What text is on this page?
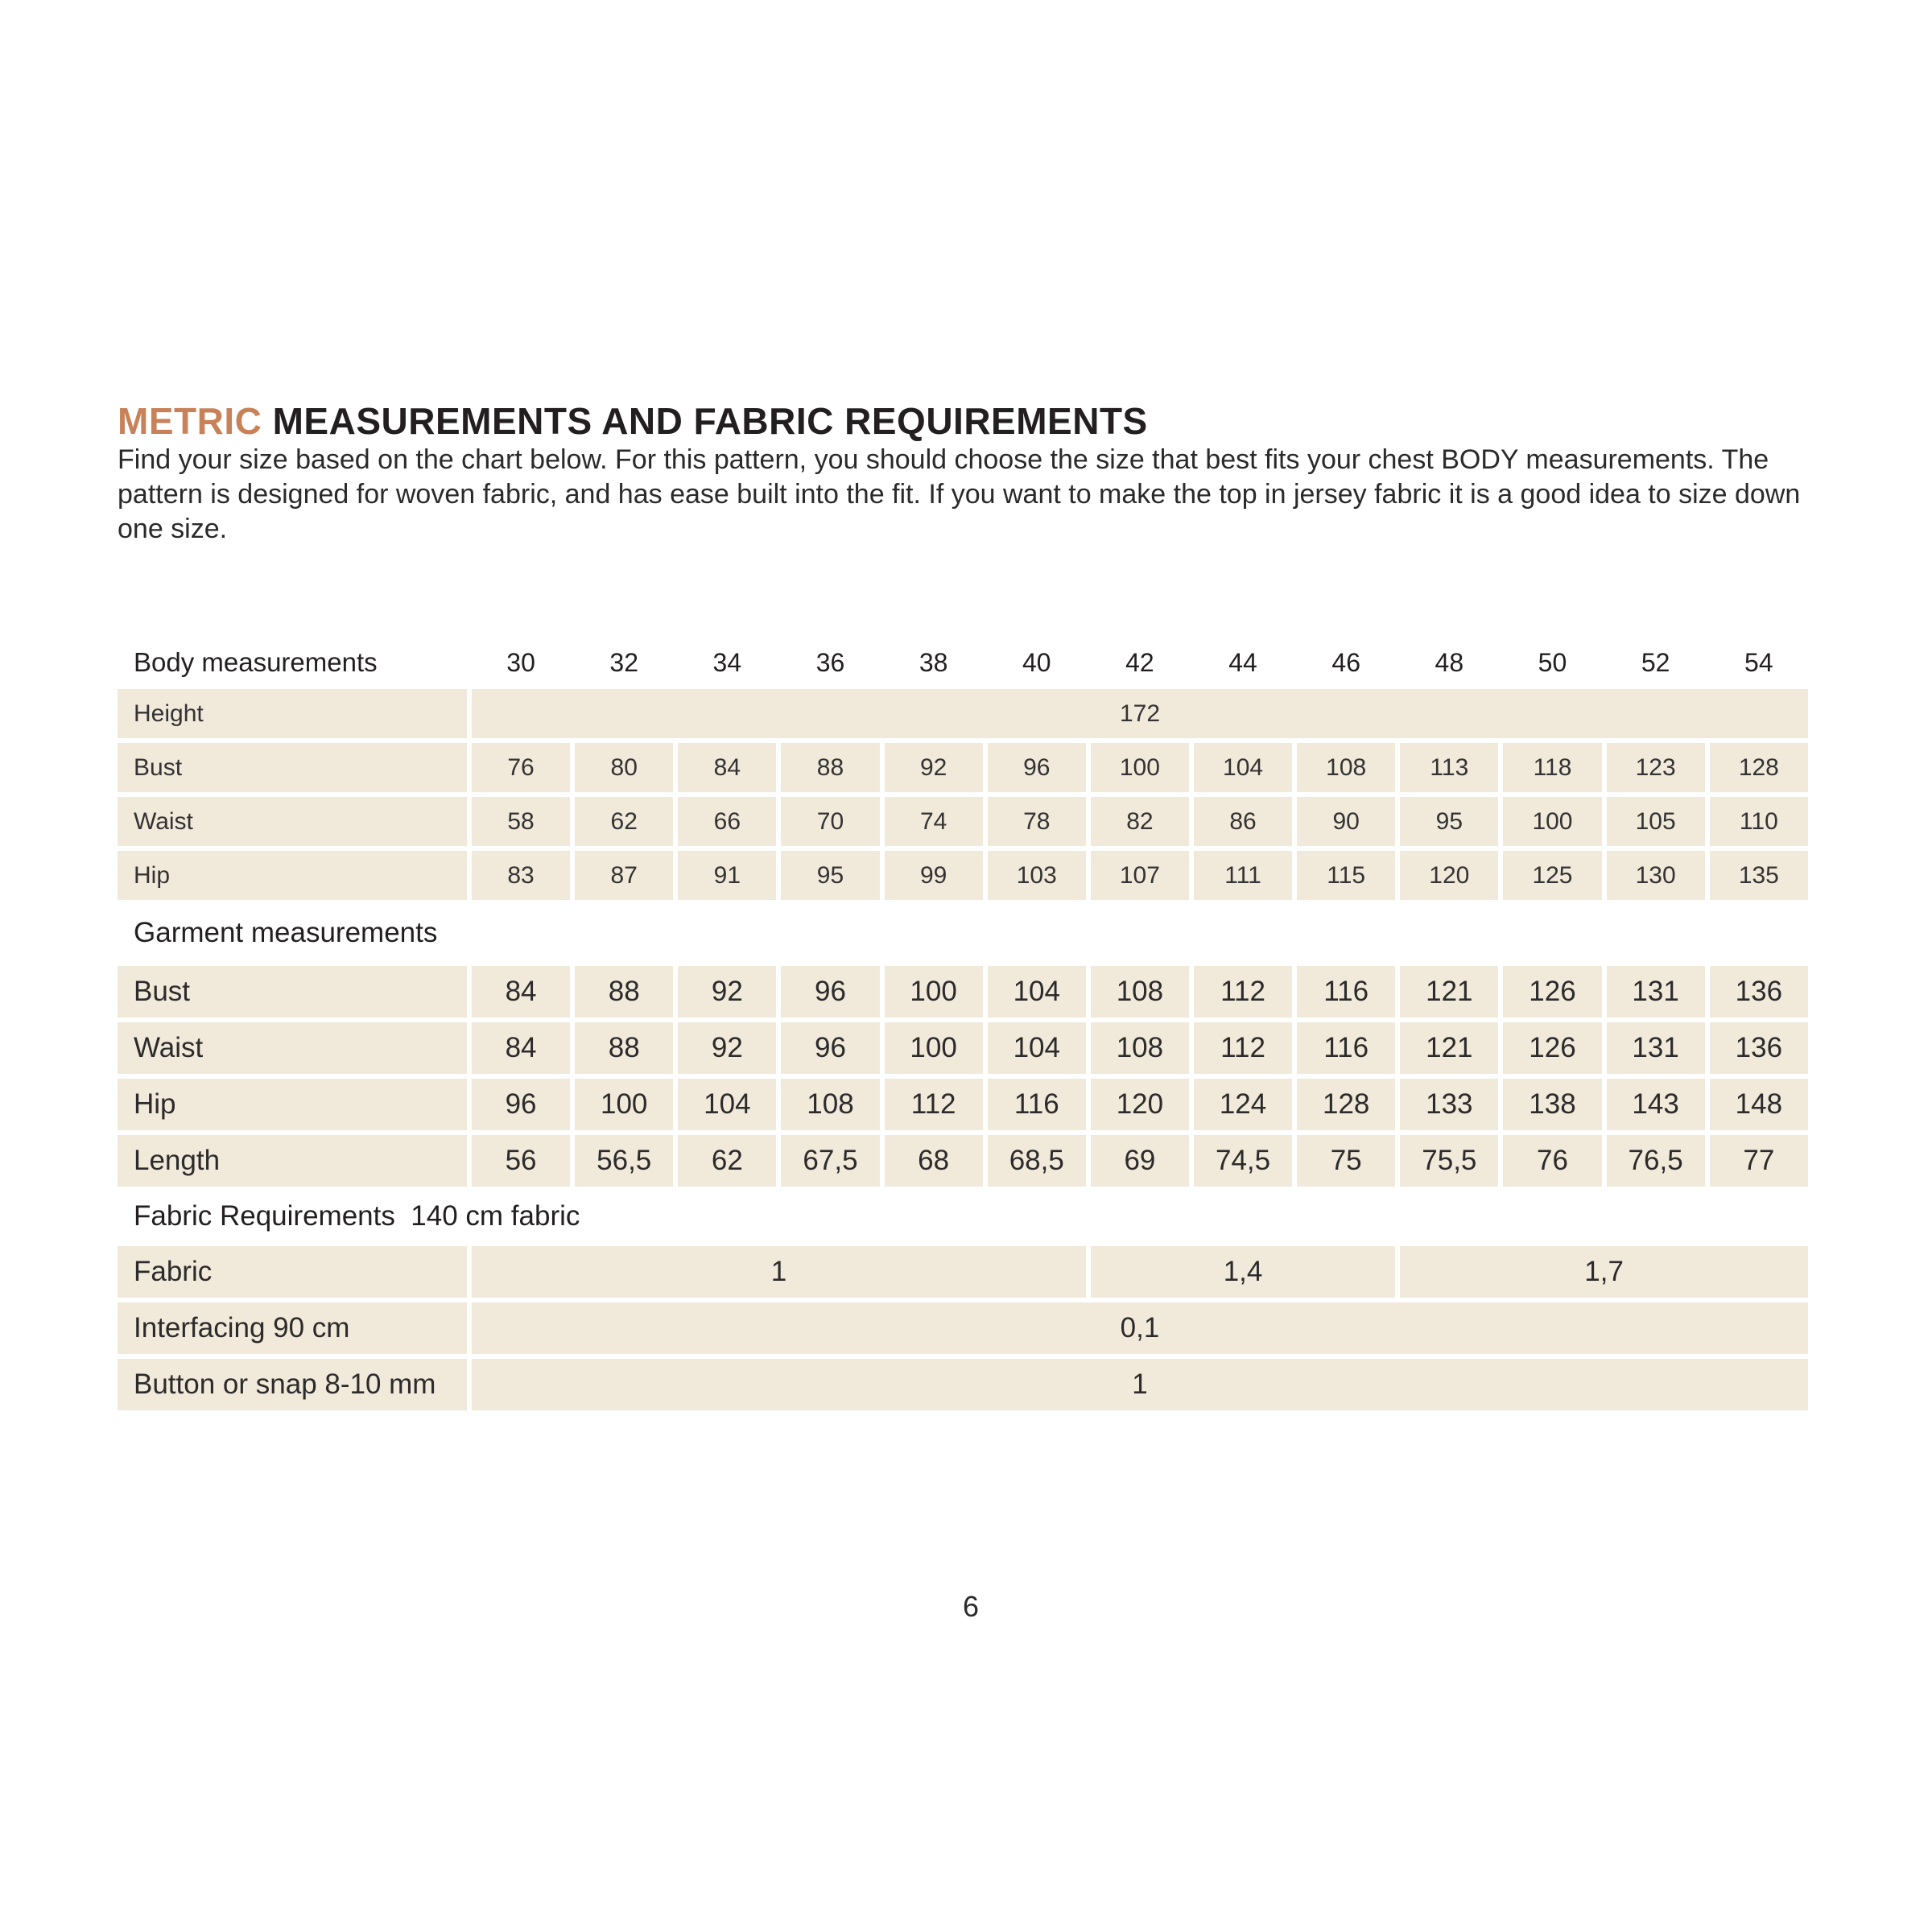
METRIC MEASUREMENTS AND FABRIC REQUIREMENTS

Find your size based on the chart below. For this pattern, you should choose the size that best fits your chest BODY measurements. The pattern is designed for woven fabric, and has ease built into the fit. If you want to make the top in jersey fabric it is a good idea to size down one size.

Body measurements	30	32	34	36	38	40	42	44	46	48	50	52	54
Height	172												
Bust	76	80	84	88	92	96	100	104	108	113	118	123	128
Waist	58	62	66	70	74	78	82	86	90	95	100	105	110
Hip	83	87	91	95	99	103	107	111	115	120	125	130	135
Garment measurements													
Bust	84	88	92	96	100	104	108	112	116	121	126	131	136
Waist	84	88	92	96	100	104	108	112	116	121	126	131	136
Hip	96	100	104	108	112	116	120	124	128	133	138	143	148
Length	56	56,5	62	67,5	68	68,5	69	74,5	75	75,5	76	76,5	77
Fabric Requirements  140 cm fabric													
Fabric	1						1,4			1,7			
Interfacing 90 cm	0,1												
Button or snap 8-10 mm	1												

6
